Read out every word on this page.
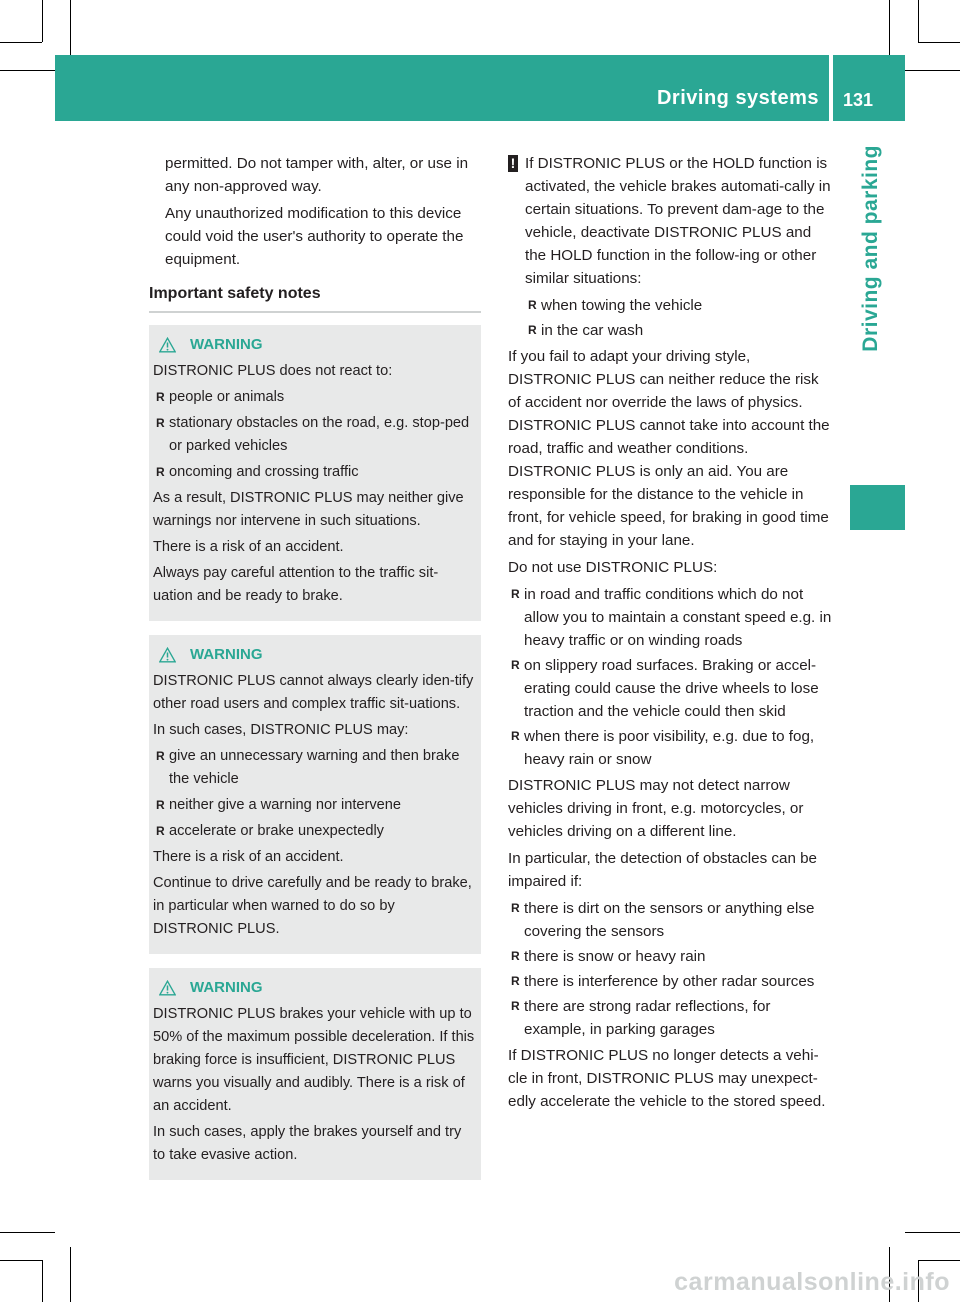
Driving systems 131
Driving and parking

permitted. Do not tamper with, alter, or use in any non-approved way.

Any unauthorized modification to this device could void the user's authority to operate the equipment.

Important safety notes
WARNING

DISTRONIC PLUS does not react to:

R people or animals
R stationary obstacles on the road, e.g. stop-ped or parked vehicles
R oncoming and crossing traffic

As a result, DISTRONIC PLUS may neither give warnings nor intervene in such situations.

There is a risk of an accident.

Always pay careful attention to the traffic sit-uation and be ready to brake.

WARNING

DISTRONIC PLUS cannot always clearly iden-tify other road users and complex traffic sit-uations.

In such cases, DISTRONIC PLUS may:

R give an unnecessary warning and then brake the vehicle
R neither give a warning nor intervene
R accelerate or brake unexpectedly

There is a risk of an accident.

Continue to drive carefully and be ready to brake, in particular when warned to do so by DISTRONIC PLUS.

WARNING

DISTRONIC PLUS brakes your vehicle with up to 50% of the maximum possible deceleration. If this braking force is insufficient, DISTRONIC PLUS warns you visually and audibly. There is a risk of an accident.

In such cases, apply the brakes yourself and try to take evasive action.

! If DISTRONIC PLUS or the HOLD function is activated, the vehicle brakes automati-cally in certain situations. To prevent dam-age to the vehicle, deactivate DISTRONIC PLUS and the HOLD function in the follow-ing or other similar situations:

R when towing the vehicle
R in the car wash

If you fail to adapt your driving style, DISTRONIC PLUS can neither reduce the risk of accident nor override the laws of physics. DISTRONIC PLUS cannot take into account the road, traffic and weather conditions. DISTRONIC PLUS is only an aid. You are responsible for the distance to the vehicle in front, for vehicle speed, for braking in good time and for staying in your lane.

Do not use DISTRONIC PLUS:

R in road and traffic conditions which do not allow you to maintain a constant speed e.g. in heavy traffic or on winding roads
R on slippery road surfaces. Braking or accel-erating could cause the drive wheels to lose traction and the vehicle could then skid
R when there is poor visibility, e.g. due to fog, heavy rain or snow

DISTRONIC PLUS may not detect narrow vehicles driving in front, e.g. motorcycles, or vehicles driving on a different line.

In particular, the detection of obstacles can be impaired if:

R there is dirt on the sensors or anything else covering the sensors
R there is snow or heavy rain
R there is interference by other radar sources
R there are strong radar reflections, for example, in parking garages

If DISTRONIC PLUS no longer detects a vehi-cle in front, DISTRONIC PLUS may unexpect-edly accelerate the vehicle to the stored speed.

carmanualsonline.info
